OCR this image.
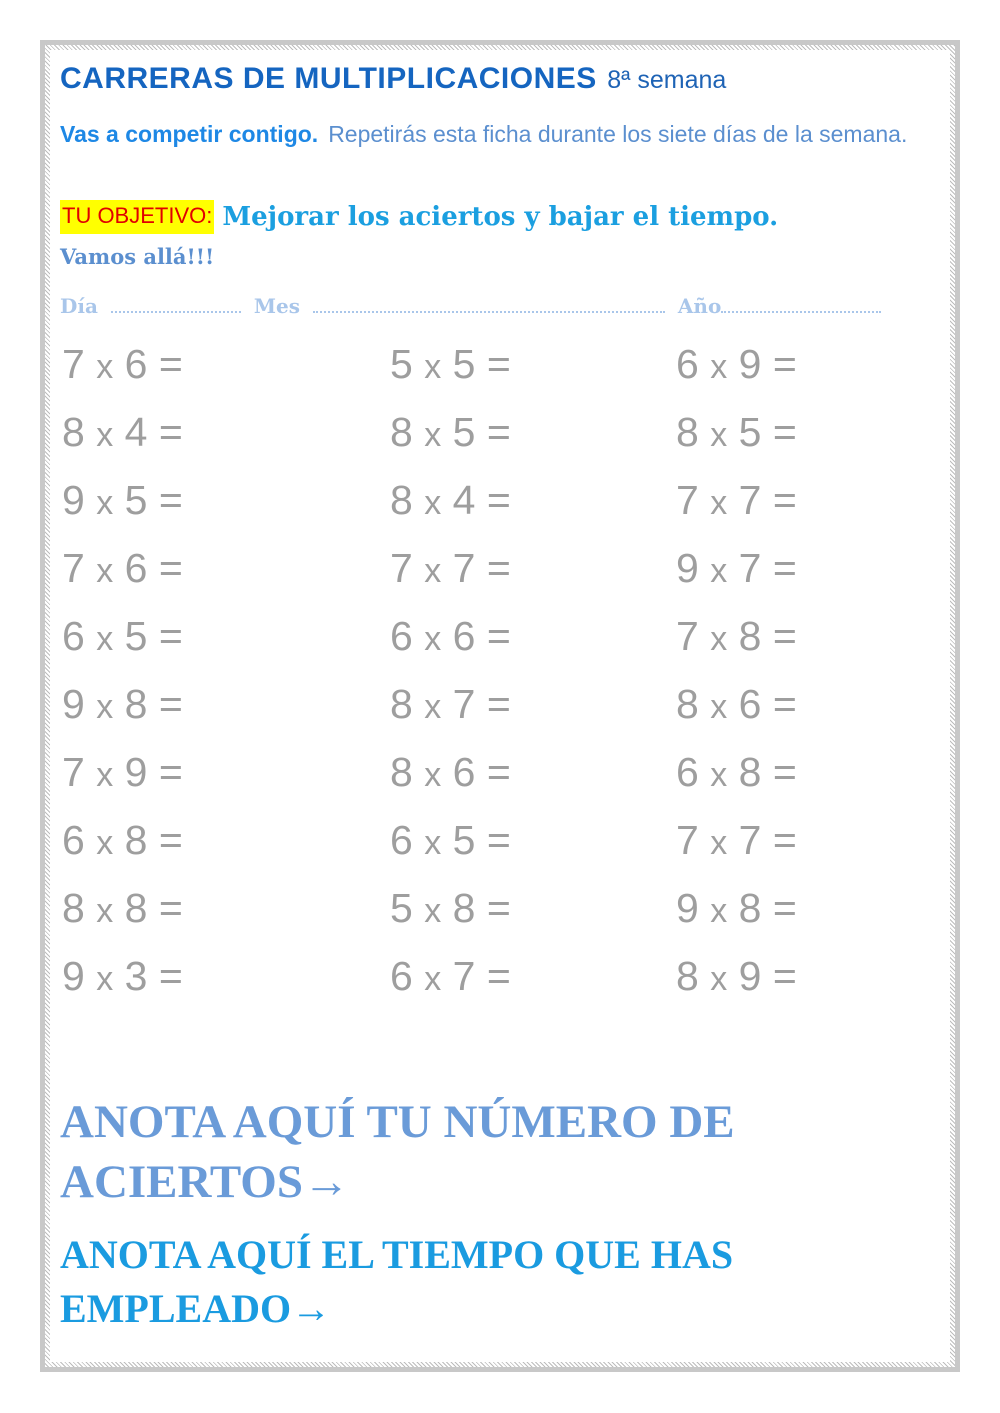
CARRERAS DE MULTIPLICACIONES 8ª semana
Vas a competir contigo. Repetirás esta ficha durante los siete días de la semana.
TU OBJETIVO: Mejorar los aciertos y bajar el tiempo.
Vamos allá!!!
Día	Mes	Año
7 x 6 =
8 x 4 =
9 x 5 =
7 x 6 =
6 x 5 =
9 x 8 =
7 x 9 =
6 x 8 =
8 x 8 =
9 x 3 =
5 x 5 =
8 x 5 =
8 x 4 =
7 x 7 =
6 x 6 =
8 x 7 =
8 x 6 =
6 x 5 =
5 x 8 =
6 x 7 =
6 x 9 =
8 x 5 =
7 x 7 =
9 x 7 =
7 x 8 =
8 x 6 =
6 x 8 =
7 x 7 =
9 x 8 =
8 x 9 =
ANOTA AQUÍ TU NÚMERO DE
ACIERTOS→
ANOTA AQUÍ EL TIEMPO QUE HAS
EMPLEADO→
